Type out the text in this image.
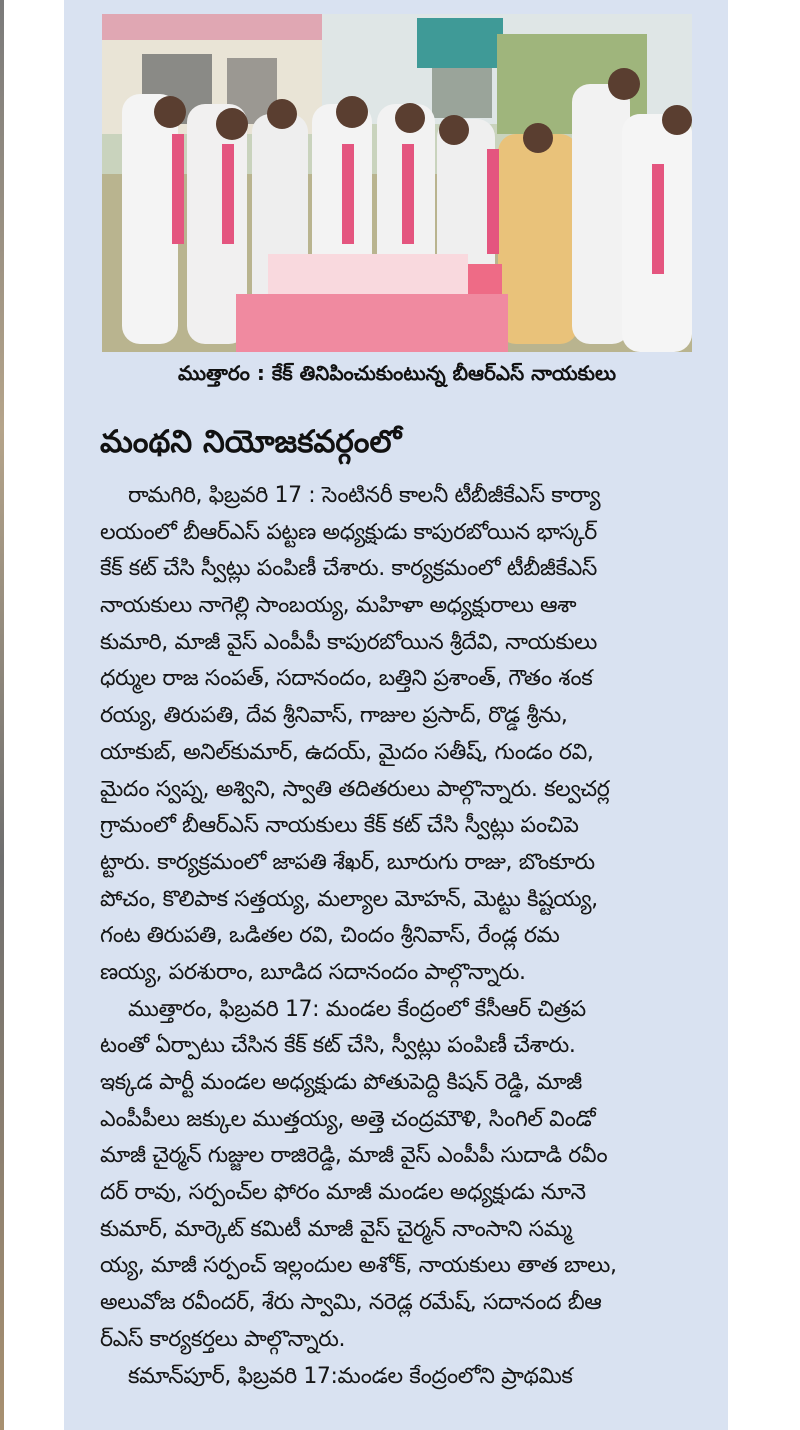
ముత్తారం : కేక్ తినిపించుకుంటున్న బీఆర్ఎస్ నాయకులు
మంథని నియోజకవర్గంలో
రామగిరి, ఫిబ్రవరి 17 : సెంటినరీ కాలనీ టీబీజీకేఎస్ కార్యా
లయంలో బీఆర్ఎస్ పట్టణ అధ్యక్షుడు కాపురబోయిన భాస్కర్
కేక్ కట్ చేసి స్వీట్లు పంపిణీ చేశారు. కార్యక్రమంలో టీబీజీకేఎస్
నాయకులు నాగెల్లి సాంబయ్య, మహిళా అధ్యక్షురాలు ఆశా
కుమారి, మాజీ వైస్ ఎంపీపీ కాపురబోయిన శ్రీదేవి, నాయకులు
ధర్ముల రాజ సంపత్, సదానందం, బత్తిని ప్రశాంత్, గౌతం శంక
రయ్య, తిరుపతి, దేవ శ్రీనివాస్, గాజుల ప్రసాద్, రొడ్డ శ్రీను,
యాకుబ్, అనిల్‌కుమార్, ఉదయ్, మైదం సతీష్, గుండం రవి,
మైదం స్వప్న, అశ్విని, స్వాతి తదితరులు పాల్గొన్నారు. కల్వచర్ల
గ్రామంలో బీఆర్ఎస్ నాయకులు కేక్ కట్ చేసి స్వీట్లు పంచిపె
ట్టారు. కార్యక్రమంలో జాపతి శేఖర్, బూరుగు రాజు, బొంకూరు
పోచం, కొలిపాక సత్తయ్య, మల్యాల మోహన్, మెట్టు కిష్టయ్య,
గంట తిరుపతి, ఒడితల రవి, చిందం శ్రీనివాస్, రేండ్ల రమ
ణయ్య, పరశురాం, బూడిద సదానందం పాల్గొన్నారు.
ముత్తారం, ఫిబ్రవరి 17: మండల కేంద్రంలో కేసీఆర్ చిత్రప
టంతో ఏర్పాటు చేసిన కేక్ కట్ చేసి, స్వీట్లు పంపిణీ చేశారు.
ఇక్కడ పార్టీ మండల అధ్యక్షుడు పోతుపెద్ది కిషన్ రెడ్డి, మాజీ
ఎంపీపీలు జక్కుల ముత్తయ్య, అత్తె చంద్రమౌళి, సింగిల్ విండో
మాజీ చైర్మన్ గుజ్జుల రాజిరెడ్డి, మాజీ వైస్ ఎంపీపీ సుదాడి రవీం
దర్ రావు, సర్పంచ్‌ల ఫోరం మాజీ మండల అధ్యక్షుడు నూనె
కుమార్, మార్కెట్ కమిటీ మాజీ వైస్ చైర్మన్ నాంసాని సమ్మ
య్య, మాజీ సర్పంచ్ ఇల్లందుల అశోక్, నాయకులు తాత బాలు,
అలువోజ రవీందర్, శేరు స్వామి, నరెడ్ల రమేష్, సదానంద బీఆ
ర్ఎస్ కార్యకర్తలు పాల్గొన్నారు.
కమాన్‌పూర్, ఫిబ్రవరి 17:మండల కేంద్రంలోని ప్రాథమిక
